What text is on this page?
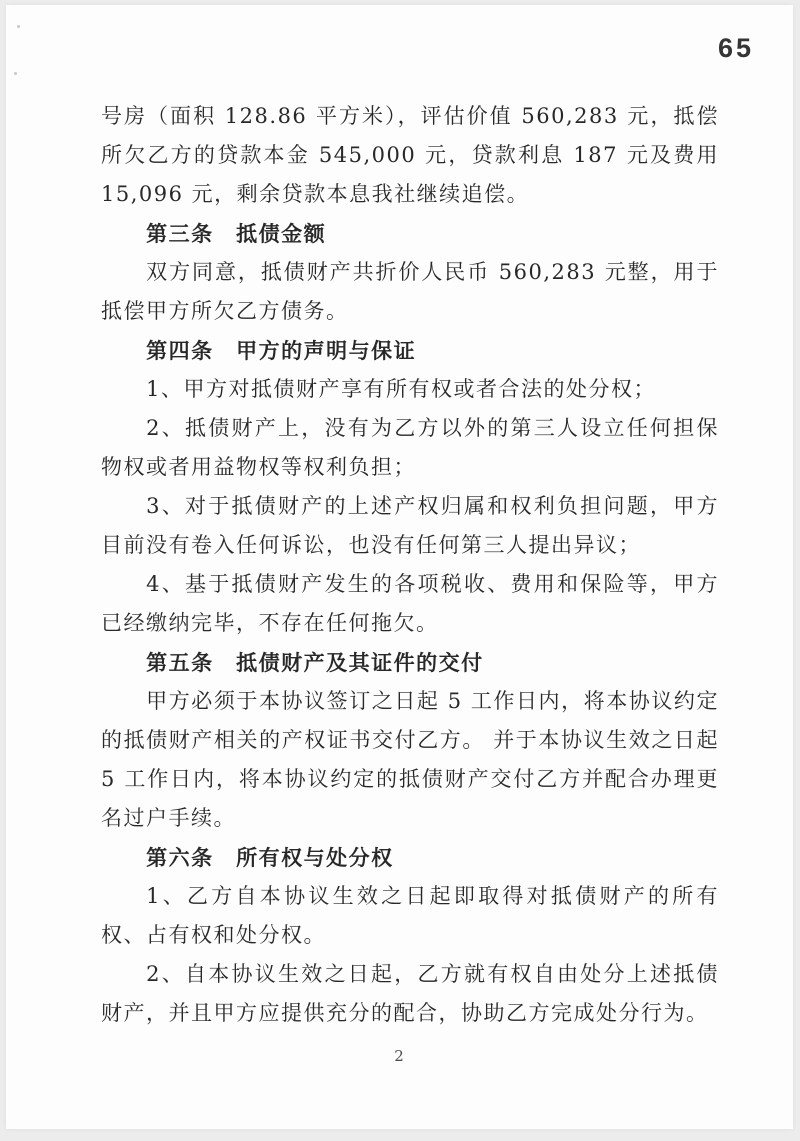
65

号房（面积 128.86 平方米），评估价值 560,283 元，抵偿所欠乙方的贷款本金 545,000 元，贷款利息 187 元及费用 15,096 元，剩余贷款本息我社继续追偿。

第三条　抵债金额

双方同意，抵债财产共折价人民币 560,283 元整，用于抵偿甲方所欠乙方债务。

第四条　甲方的声明与保证

1、甲方对抵债财产享有所有权或者合法的处分权；

2、抵债财产上，没有为乙方以外的第三人设立任何担保物权或者用益物权等权利负担；

3、对于抵债财产的上述产权归属和权利负担问题，甲方目前没有卷入任何诉讼，也没有任何第三人提出异议；

4、基于抵债财产发生的各项税收、费用和保险等，甲方已经缴纳完毕，不存在任何拖欠。

第五条　抵债财产及其证件的交付

甲方必须于本协议签订之日起 5 工作日内，将本协议约定的抵债财产相关的产权证书交付乙方。 并于本协议生效之日起 5 工作日内，将本协议约定的抵债财产交付乙方并配合办理更名过户手续。

第六条　所有权与处分权

1、乙方自本协议生效之日起即取得对抵债财产的所有权、占有权和处分权。

2、自本协议生效之日起，乙方就有权自由处分上述抵债财产，并且甲方应提供充分的配合，协助乙方完成处分行为。

2
